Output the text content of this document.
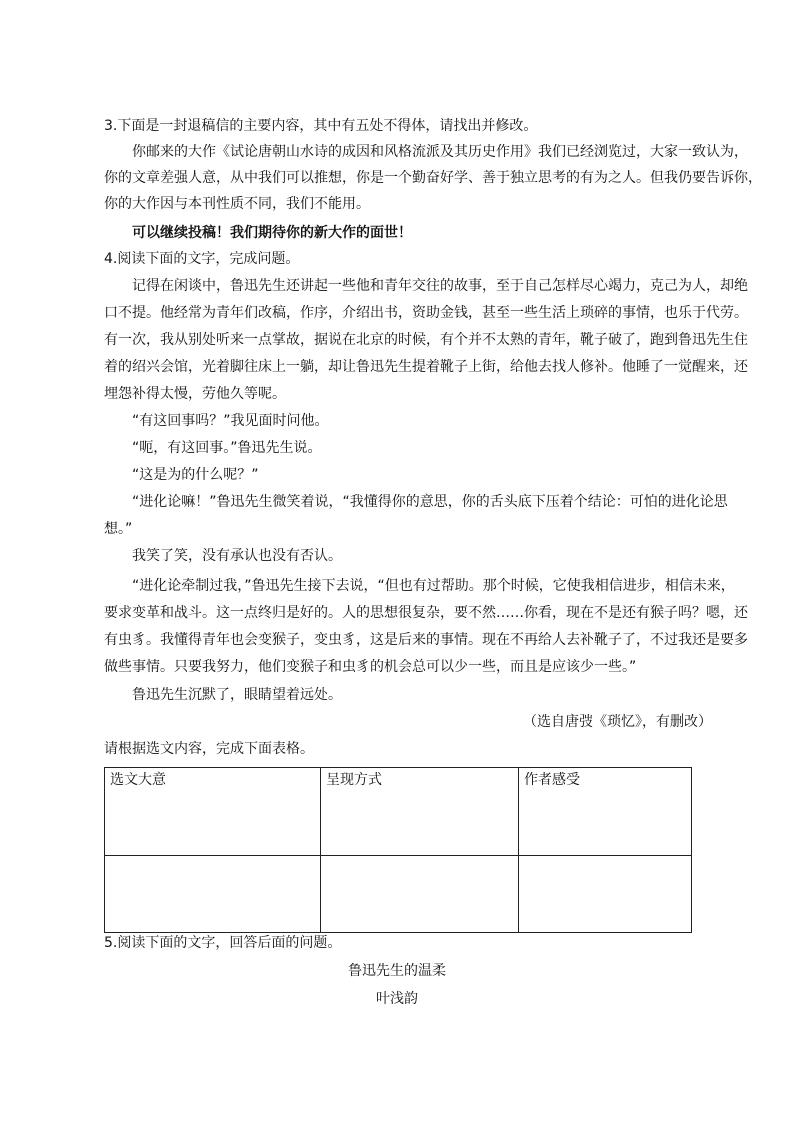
3.下面是一封退稿信的主要内容，其中有五处不得体，请找出并修改。
　　你邮来的大作《试论唐朝山水诗的成因和风格流派及其历史作用》我们已经浏览过，大家一致认为，
你的文章差强人意，从中我们可以推想，你是一个勤奋好学、善于独立思考的有为之人。但我仍要告诉你，
你的大作因与本刊性质不同，我们不能用。
　　可以继续投稿！我们期待你的新大作的面世！
4.阅读下面的文字，完成问题。
　　记得在闲谈中，鲁迅先生还讲起一些他和青年交往的故事，至于自己怎样尽心竭力，克己为人，却绝
口不提。他经常为青年们改稿，作序，介绍出书，资助金钱，甚至一些生活上琐碎的事情，也乐于代劳。
有一次，我从别处听来一点掌故，据说在北京的时候，有个并不太熟的青年，靴子破了，跑到鲁迅先生住
着的绍兴会馆，光着脚往床上一躺，却让鲁迅先生提着靴子上街，给他去找人修补。他睡了一觉醒来，还
埋怨补得太慢，劳他久等呢。
　　“有这回事吗？”我见面时问他。
　　“呃，有这回事。”鲁迅先生说。
　　“这是为的什么呢？”
　　“进化论嘛！”鲁迅先生微笑着说，“我懂得你的意思，你的舌头底下压着个结论：可怕的进化论思
想。”
　　我笑了笑，没有承认也没有否认。
　　“进化论牵制过我，”鲁迅先生接下去说，“但也有过帮助。那个时候，它使我相信进步，相信未来，
要求变革和战斗。这一点终归是好的。人的思想很复杂，要不然……你看，现在不是还有猴子吗？嗯，还
有虫豸。我懂得青年也会变猴子，变虫豸，这是后来的事情。现在不再给人去补靴子了，不过我还是要多
做些事情。只要我努力，他们变猴子和虫豸的机会总可以少一些，而且是应该少一些。”
　　鲁迅先生沉默了，眼睛望着远处。
（选自唐弢《琐忆》，有删改）
请根据选文内容，完成下面表格。
选文大意	呈现方式	作者感受

5.阅读下面的文字，回答后面的问题。
鲁迅先生的温柔
叶浅韵
